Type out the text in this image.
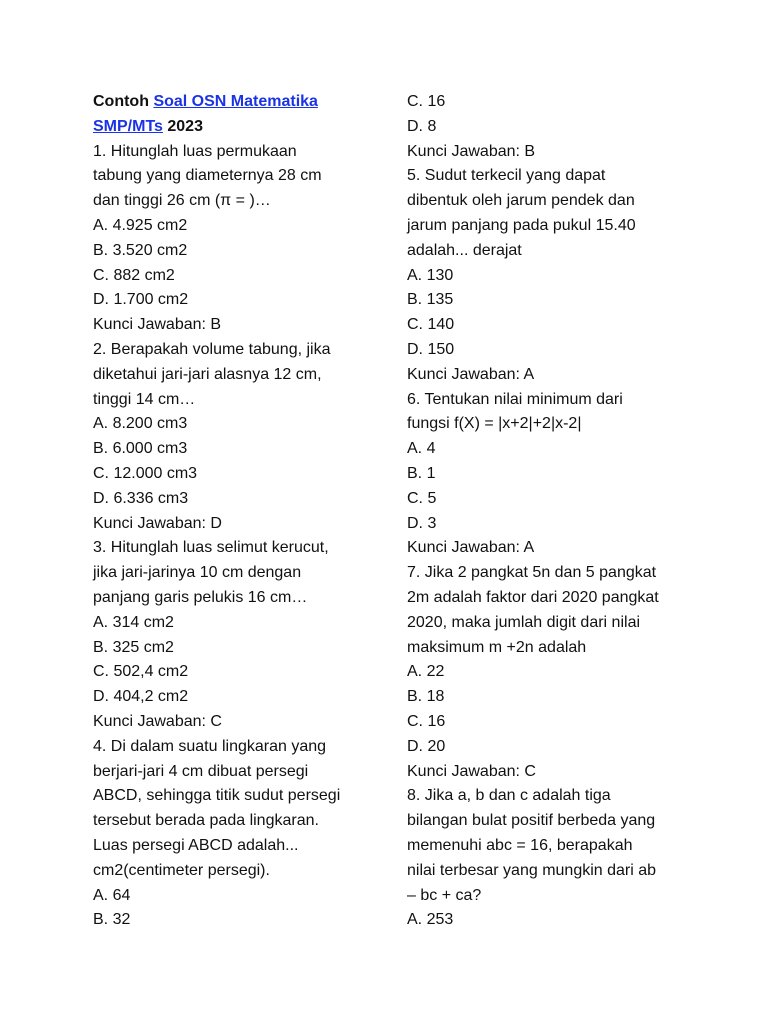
Contoh Soal OSN Matematika
SMP/MTs 2023
1. Hitunglah luas permukaan
tabung yang diameternya 28 cm
dan tinggi 26 cm (π = )…
A. 4.925 cm2
B. 3.520 cm2
C. 882 cm2
D. 1.700 cm2
Kunci Jawaban: B
2. Berapakah volume tabung, jika
diketahui jari-jari alasnya 12 cm,
tinggi 14 cm…
A. 8.200 cm3
B. 6.000 cm3
C. 12.000 cm3
D. 6.336 cm3
Kunci Jawaban: D
3. Hitunglah luas selimut kerucut,
jika jari-jarinya 10 cm dengan
panjang garis pelukis 16 cm…
A. 314 cm2
B. 325 cm2
C. 502,4 cm2
D. 404,2 cm2
Kunci Jawaban: C
4. Di dalam suatu lingkaran yang
berjari-jari 4 cm dibuat persegi
ABCD, sehingga titik sudut persegi
tersebut berada pada lingkaran.
Luas persegi ABCD adalah...
cm2(centimeter persegi).
A. 64
B. 32
C. 16
D. 8
Kunci Jawaban: B
5. Sudut terkecil yang dapat
dibentuk oleh jarum pendek dan
jarum panjang pada pukul 15.40
adalah... derajat
A. 130
B. 135
C. 140
D. 150
Kunci Jawaban: A
6. Tentukan nilai minimum dari
fungsi f(X) = |x+2|+2|x-2|
A. 4
B. 1
C. 5
D. 3
Kunci Jawaban: A
7. Jika 2 pangkat 5n dan 5 pangkat
2m adalah faktor dari 2020 pangkat
2020, maka jumlah digit dari nilai
maksimum m +2n adalah
A. 22
B. 18
C. 16
D. 20
Kunci Jawaban: C
8. Jika a, b dan c adalah tiga
bilangan bulat positif berbeda yang
memenuhi abc = 16, berapakah
nilai terbesar yang mungkin dari ab
– bc + ca?
A. 253
